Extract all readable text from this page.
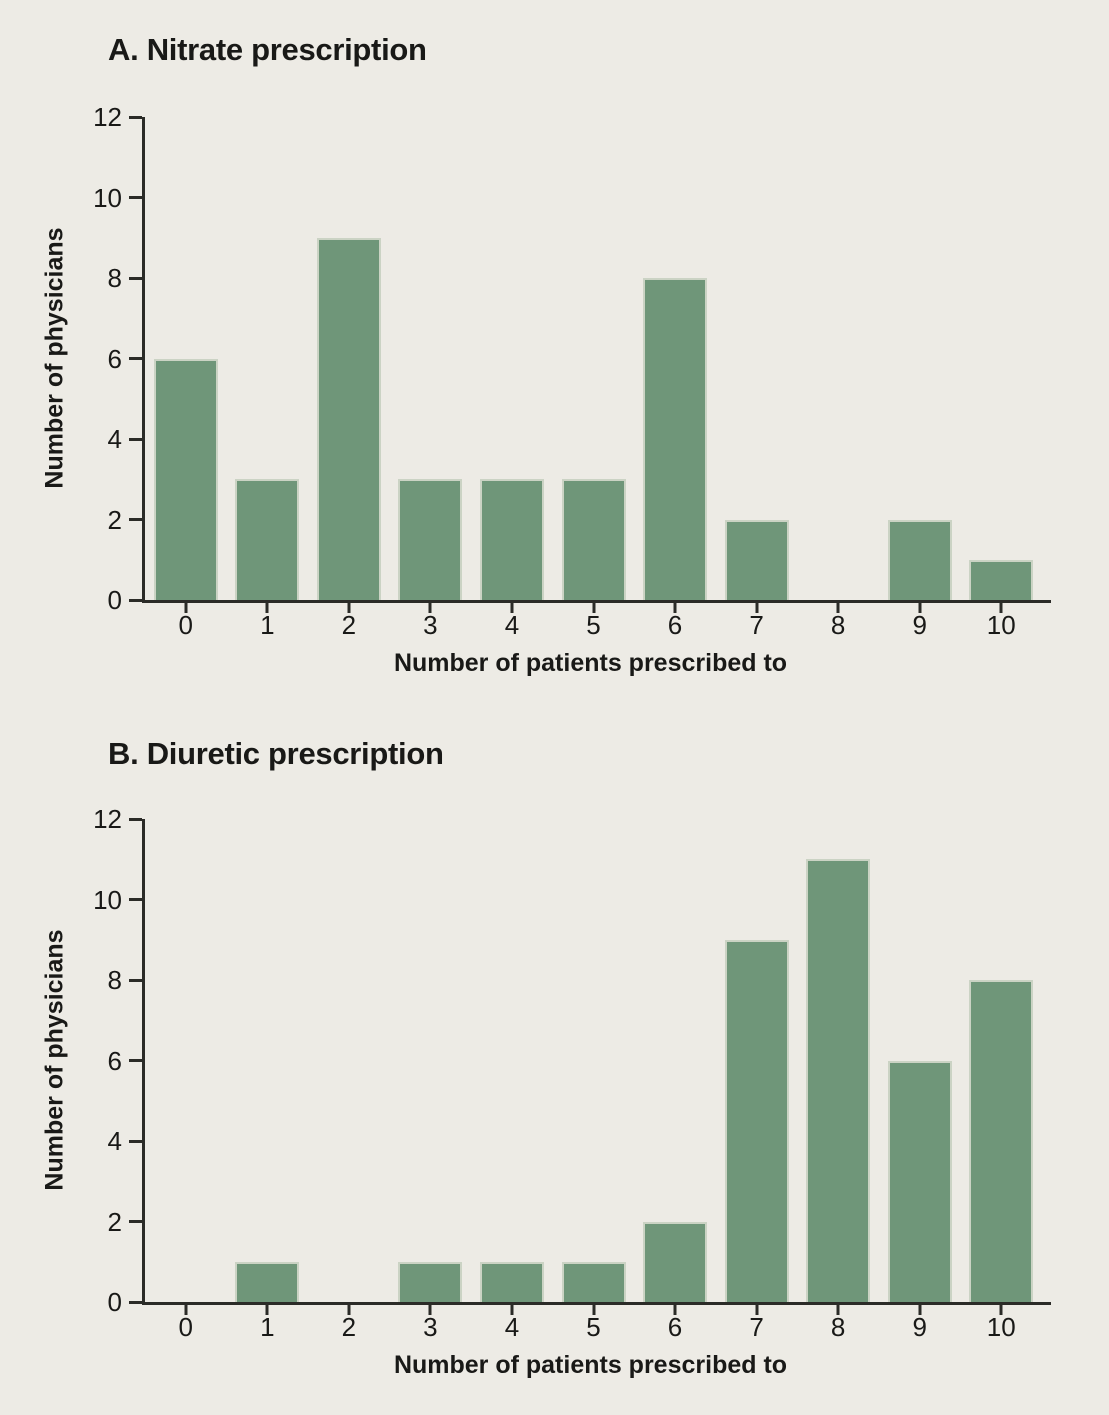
A. Nitrate prescription
Number of physicians
0
2
4
6
8
10
12
0	1	2	3	4	5	6	7	8	9 10
Number of patients prescribed to
B. Diuretic prescription
Number of physicians
0
2
4
6
8
10
12
0	1	2	3	4	5	6	7	8	9 10
Number of patients prescribed to
